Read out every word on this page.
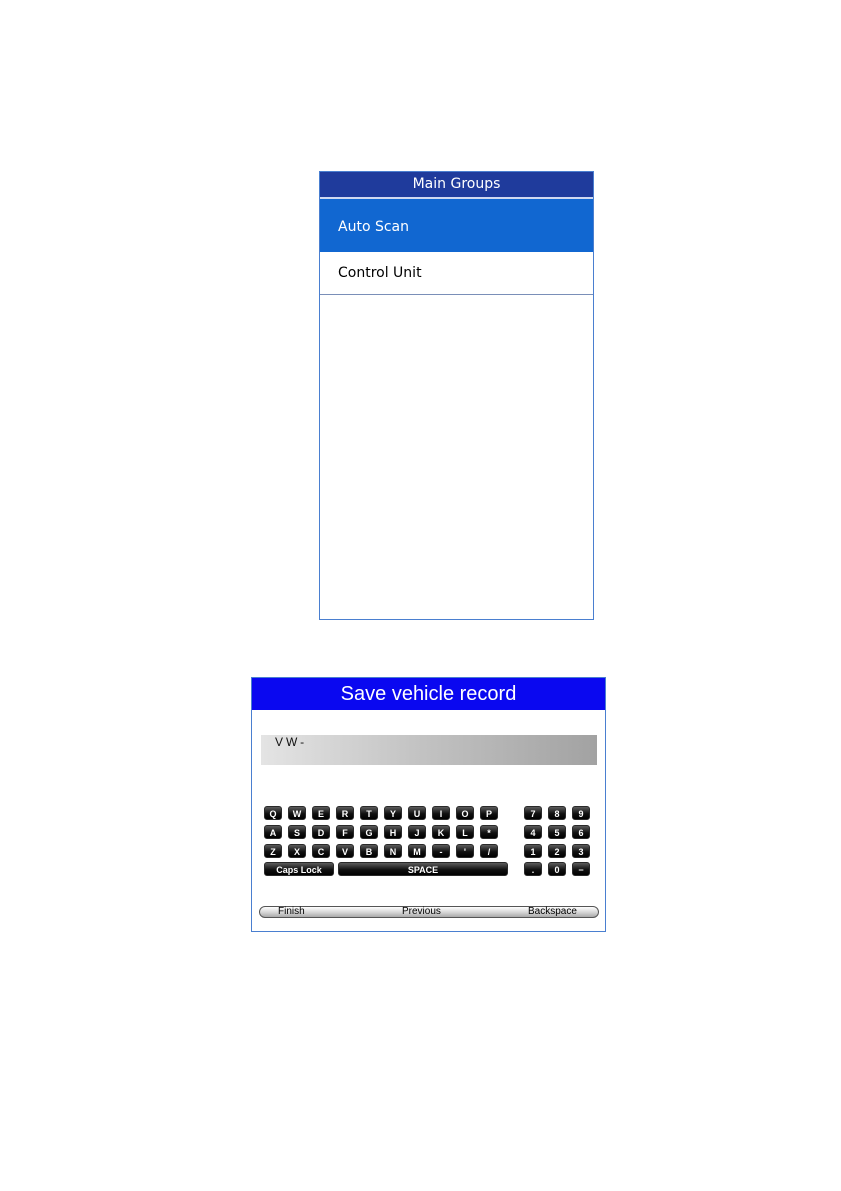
Main Groups
Auto Scan
Control Unit
Save vehicle record
VW-
Q	W	E	R	T	Y	U	I	O	P	7	8	9
A	S	D	F	G	H	J	K	L	*	4	5	6
Z	X	C	V	B	N	M	-	'	/	1	2	3
Caps Lock	SPACE	.	0	−
Finish	Previous	Backspace
